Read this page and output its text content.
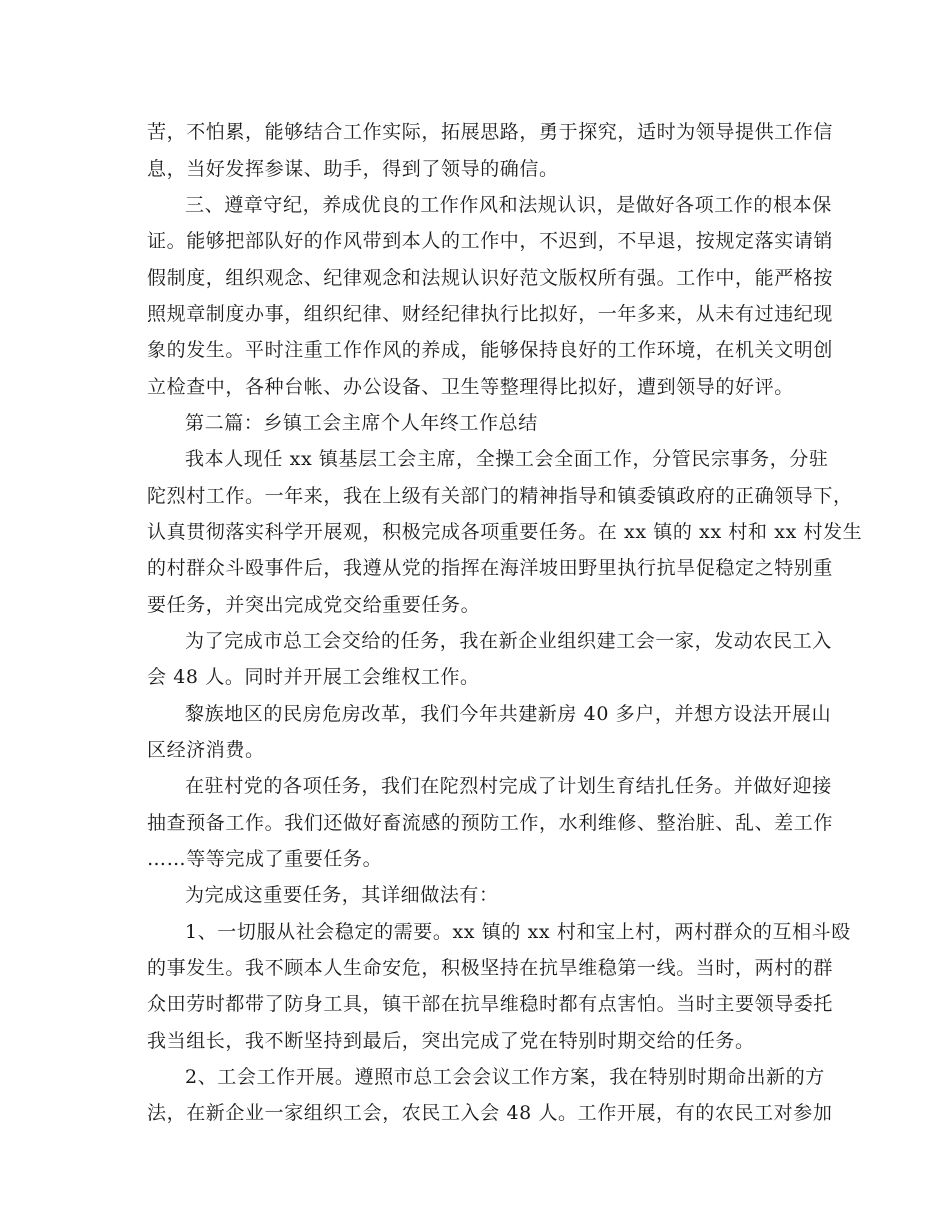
苦，不怕累，能够结合工作实际，拓展思路，勇于探究，适时为领导提供工作信
息，当好发挥参谋、助手，得到了领导的确信。
三、遵章守纪，养成优良的工作作风和法规认识，是做好各项工作的根本保
证。能够把部队好的作风带到本人的工作中，不迟到，不早退，按规定落实请销
假制度，组织观念、纪律观念和法规认识好范文版权所有强。工作中，能严格按
照规章制度办事，组织纪律、财经纪律执行比拟好，一年多来，从未有过违纪现
象的发生。平时注重工作作风的养成，能够保持良好的工作环境，在机关文明创
立检查中，各种台帐、办公设备、卫生等整理得比拟好，遭到领导的好评。
第二篇：乡镇工会主席个人年终工作总结
我本人现任 xx 镇基层工会主席，全操工会全面工作，分管民宗事务，分驻
陀烈村工作。一年来，我在上级有关部门的精神指导和镇委镇政府的正确领导下，
认真贯彻落实科学开展观，积极完成各项重要任务。在 xx 镇的 xx 村和 xx 村发生
的村群众斗殴事件后，我遵从党的指挥在海洋坡田野里执行抗旱促稳定之特别重
要任务，并突出完成党交给重要任务。
为了完成市总工会交给的任务，我在新企业组织建工会一家，发动农民工入
会 48 人。同时并开展工会维权工作。
黎族地区的民房危房改革，我们今年共建新房 40 多户，并想方设法开展山
区经济消费。
在驻村党的各项任务，我们在陀烈村完成了计划生育结扎任务。并做好迎接
抽查预备工作。我们还做好畜流感的预防工作，水利维修、整治脏、乱、差工作
……等等完成了重要任务。
为完成这重要任务，其详细做法有：
1、一切服从社会稳定的需要。xx 镇的 xx 村和宝上村，两村群众的互相斗殴
的事发生。我不顾本人生命安危，积极坚持在抗旱维稳第一线。当时，两村的群
众田劳时都带了防身工具，镇干部在抗旱维稳时都有点害怕。当时主要领导委托
我当组长，我不断坚持到最后，突出完成了党在特别时期交给的任务。
2、工会工作开展。遵照市总工会会议工作方案，我在特别时期命出新的方
法，在新企业一家组织工会，农民工入会 48 人。工作开展，有的农民工对参加
